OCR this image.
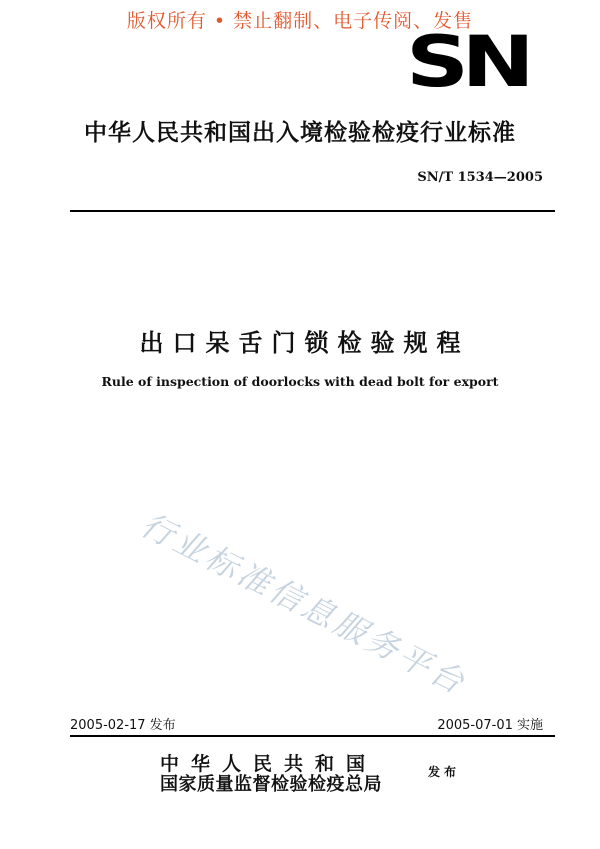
版权所有 • 禁止翻制、电子传阅、发售
SN
中华人民共和国出入境检验检疫行业标准
SN/T 1534—2005
出口呆舌门锁检验规程
Rule of inspection of doorlocks with dead bolt for export
行业标准信息服务平台
2005-02-17 发布	2005-07-01 实施
中华人民共和国
国家质量监督检验检疫总局
发布
